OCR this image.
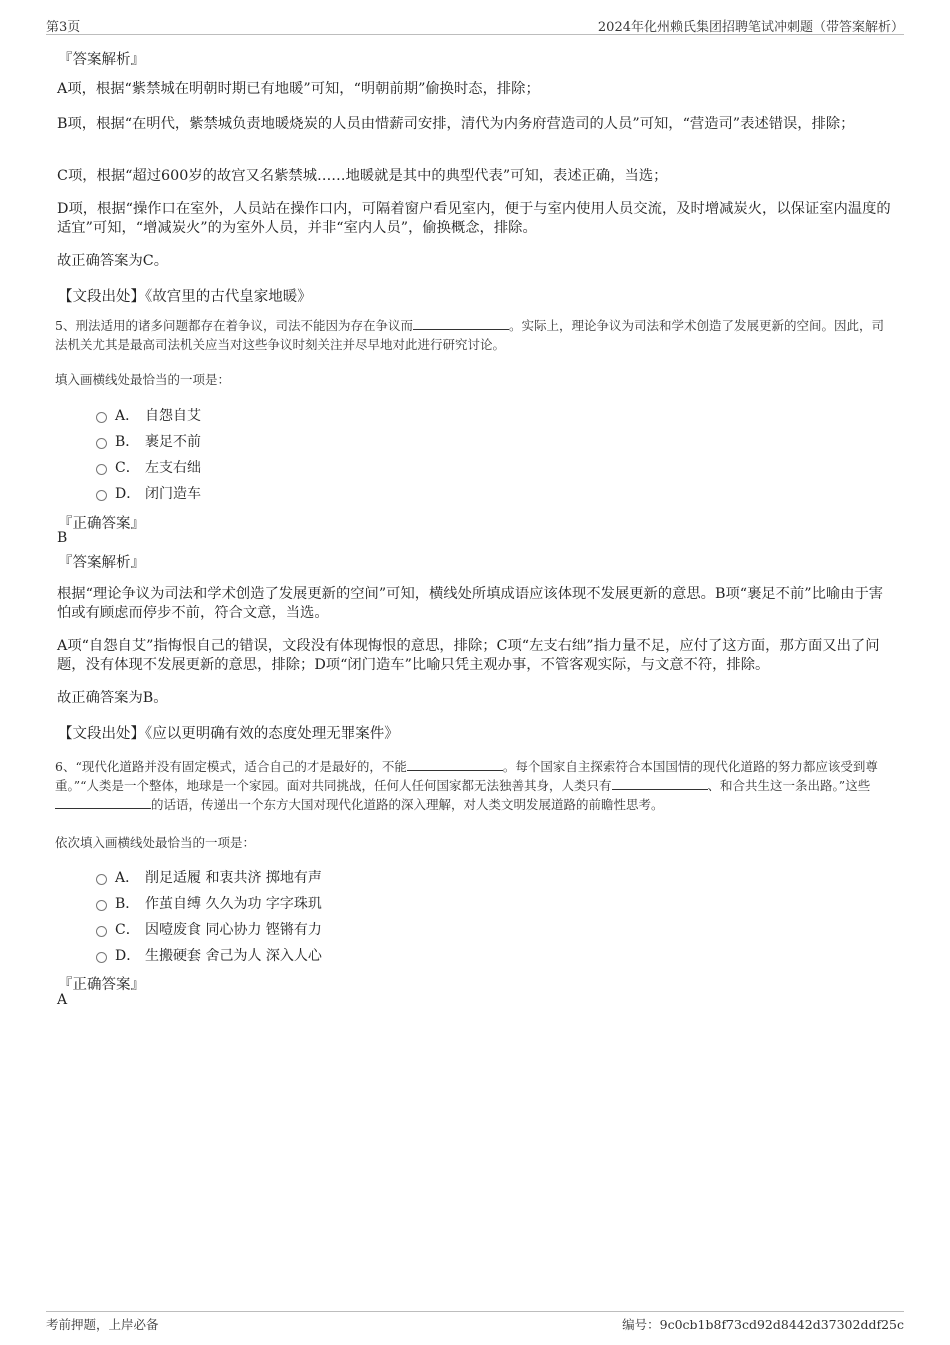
第3页	2024年化州赖氏集团招聘笔试冲刺题（带答案解析）
『答案解析』
A项，根据“紫禁城在明朝时期已有地暖”可知，“明朝前期”偷换时态，排除；
B项，根据“在明代，紫禁城负责地暖烧炭的人员由惜薪司安排，清代为内务府营造司的人员”可知，“营造司”表述错误，排除；
C项，根据“超过600岁的故宫又名紫禁城……地暖就是其中的典型代表”可知，表述正确，当选；
D项，根据“操作口在室外，人员站在操作口内，可隔着窗户看见室内，便于与室内使用人员交流，及时增减炭火，以保证室内温度的适宜”可知，“增减炭火”的为室外人员，并非“室内人员”，偷换概念，排除。
故正确答案为C。
【文段出处】《故宫里的古代皇家地暖》
5、刑法适用的诸多问题都存在着争议，司法不能因为存在争议而	。实际上，理论争议为司法和学术创造了发展更新的空间。因此，司法机关尤其是最高司法机关应当对这些争议时刻关注并尽早地对此进行研究讨论。
填入画横线处最恰当的一项是：
A． 自怨自艾
B． 裹足不前
C． 左支右绌
D． 闭门造车
『正确答案』
B
『答案解析』
根据“理论争议为司法和学术创造了发展更新的空间”可知，横线处所填成语应该体现不发展更新的意思。B项“裹足不前”比喻由于害怕或有顾虑而停步不前，符合文意，当选。
A项“自怨自艾”指悔恨自己的错误，文段没有体现悔恨的意思，排除；C项“左支右绌”指力量不足，应付了这方面，那方面又出了问题，没有体现不发展更新的意思，排除；D项“闭门造车”比喻只凭主观办事，不管客观实际，与文意不符，排除。
故正确答案为B。
【文段出处】《应以更明确有效的态度处理无罪案件》
6、“现代化道路并没有固定模式，适合自己的才是最好的，不能	。每个国家自主探索符合本国国情的现代化道路的努力都应该受到尊重。”“人类是一个整体，地球是一个家园。面对共同挑战，任何人任何国家都无法独善其身，人类只有	、和合共生这一条出路。”这些的话语，传递出一个东方大国对现代化道路的深入理解，对人类文明发展道路的前瞻性思考。
依次填入画横线处最恰当的一项是：
A． 削足适履 和衷共济 掷地有声
B． 作茧自缚 久久为功 字字珠玑
C． 因噎废食 同心协力 铿锵有力
D． 生搬硬套 舍己为人 深入人心
『正确答案』
A
考前押题，上岸必备	编号：9c0cb1b8f73cd92d8442d37302ddf25c
